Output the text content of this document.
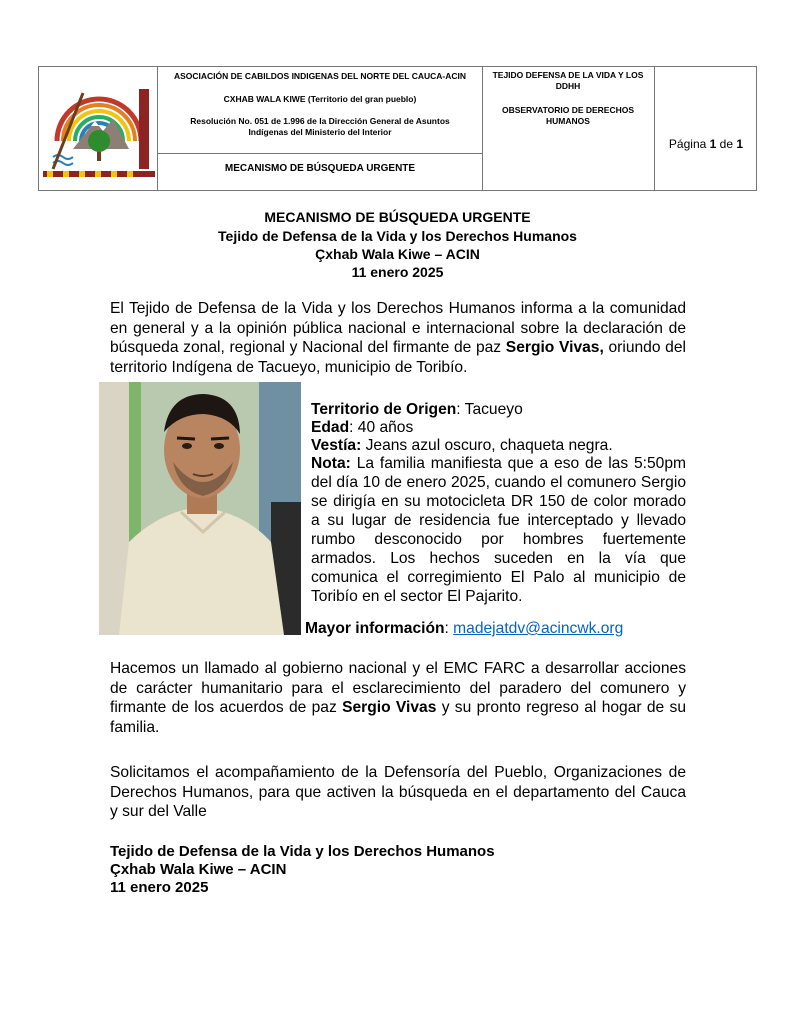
ASOCIACIÓN DE CABILDOS INDIGENAS DEL NORTE DEL CAUCA-ACIN
CXHAB WALA KIWE (Territorio del gran pueblo)
Resolución No. 051 de 1.996 de la Dirección General de Asuntos Indígenas del Ministerio del Interior
MECANISMO DE BÚSQUEDA URGENTE
TEJIDO DEFENSA DE LA VIDA Y LOS DDHH
OBSERVATORIO DE DERECHOS HUMANOS
Página 1 de 1
MECANISMO DE BÚSQUEDA URGENTE
Tejido de Defensa de la Vida y los Derechos Humanos
Çxhab Wala Kiwe – ACIN
11 enero 2025
El Tejido de Defensa de la Vida y los Derechos Humanos informa a la comunidad en general y a la opinión pública nacional e internacional sobre la declaración de búsqueda zonal, regional y Nacional del firmante de paz Sergio Vivas, oriundo del territorio Indígena de Tacueyo, municipio de Toribío.
Territorio de Origen: Tacueyo
Edad: 40 años
Vestía: Jeans azul oscuro, chaqueta negra.
Nota: La familia manifiesta que a eso de las 5:50pm del día 10 de enero 2025, cuando el comunero Sergio se dirigía en su motocicleta DR 150 de color morado a su lugar de residencia fue interceptado y llevado rumbo desconocido por hombres fuertemente armados. Los hechos suceden en la vía que comunica el corregimiento El Palo al municipio de Toribío en el sector El Pajarito.
Mayor información: madejatdv@acincwk.org
Hacemos un llamado al gobierno nacional y el EMC FARC a desarrollar acciones de carácter humanitario para el esclarecimiento del paradero del comunero y firmante de los acuerdos de paz Sergio Vivas y su pronto regreso al hogar de su familia.
Solicitamos el acompañamiento de la Defensoría del Pueblo, Organizaciones de Derechos Humanos, para que activen la búsqueda en el departamento del Cauca y sur del Valle
Tejido de Defensa de la Vida y los Derechos Humanos
Çxhab Wala Kiwe – ACIN
11 enero 2025
